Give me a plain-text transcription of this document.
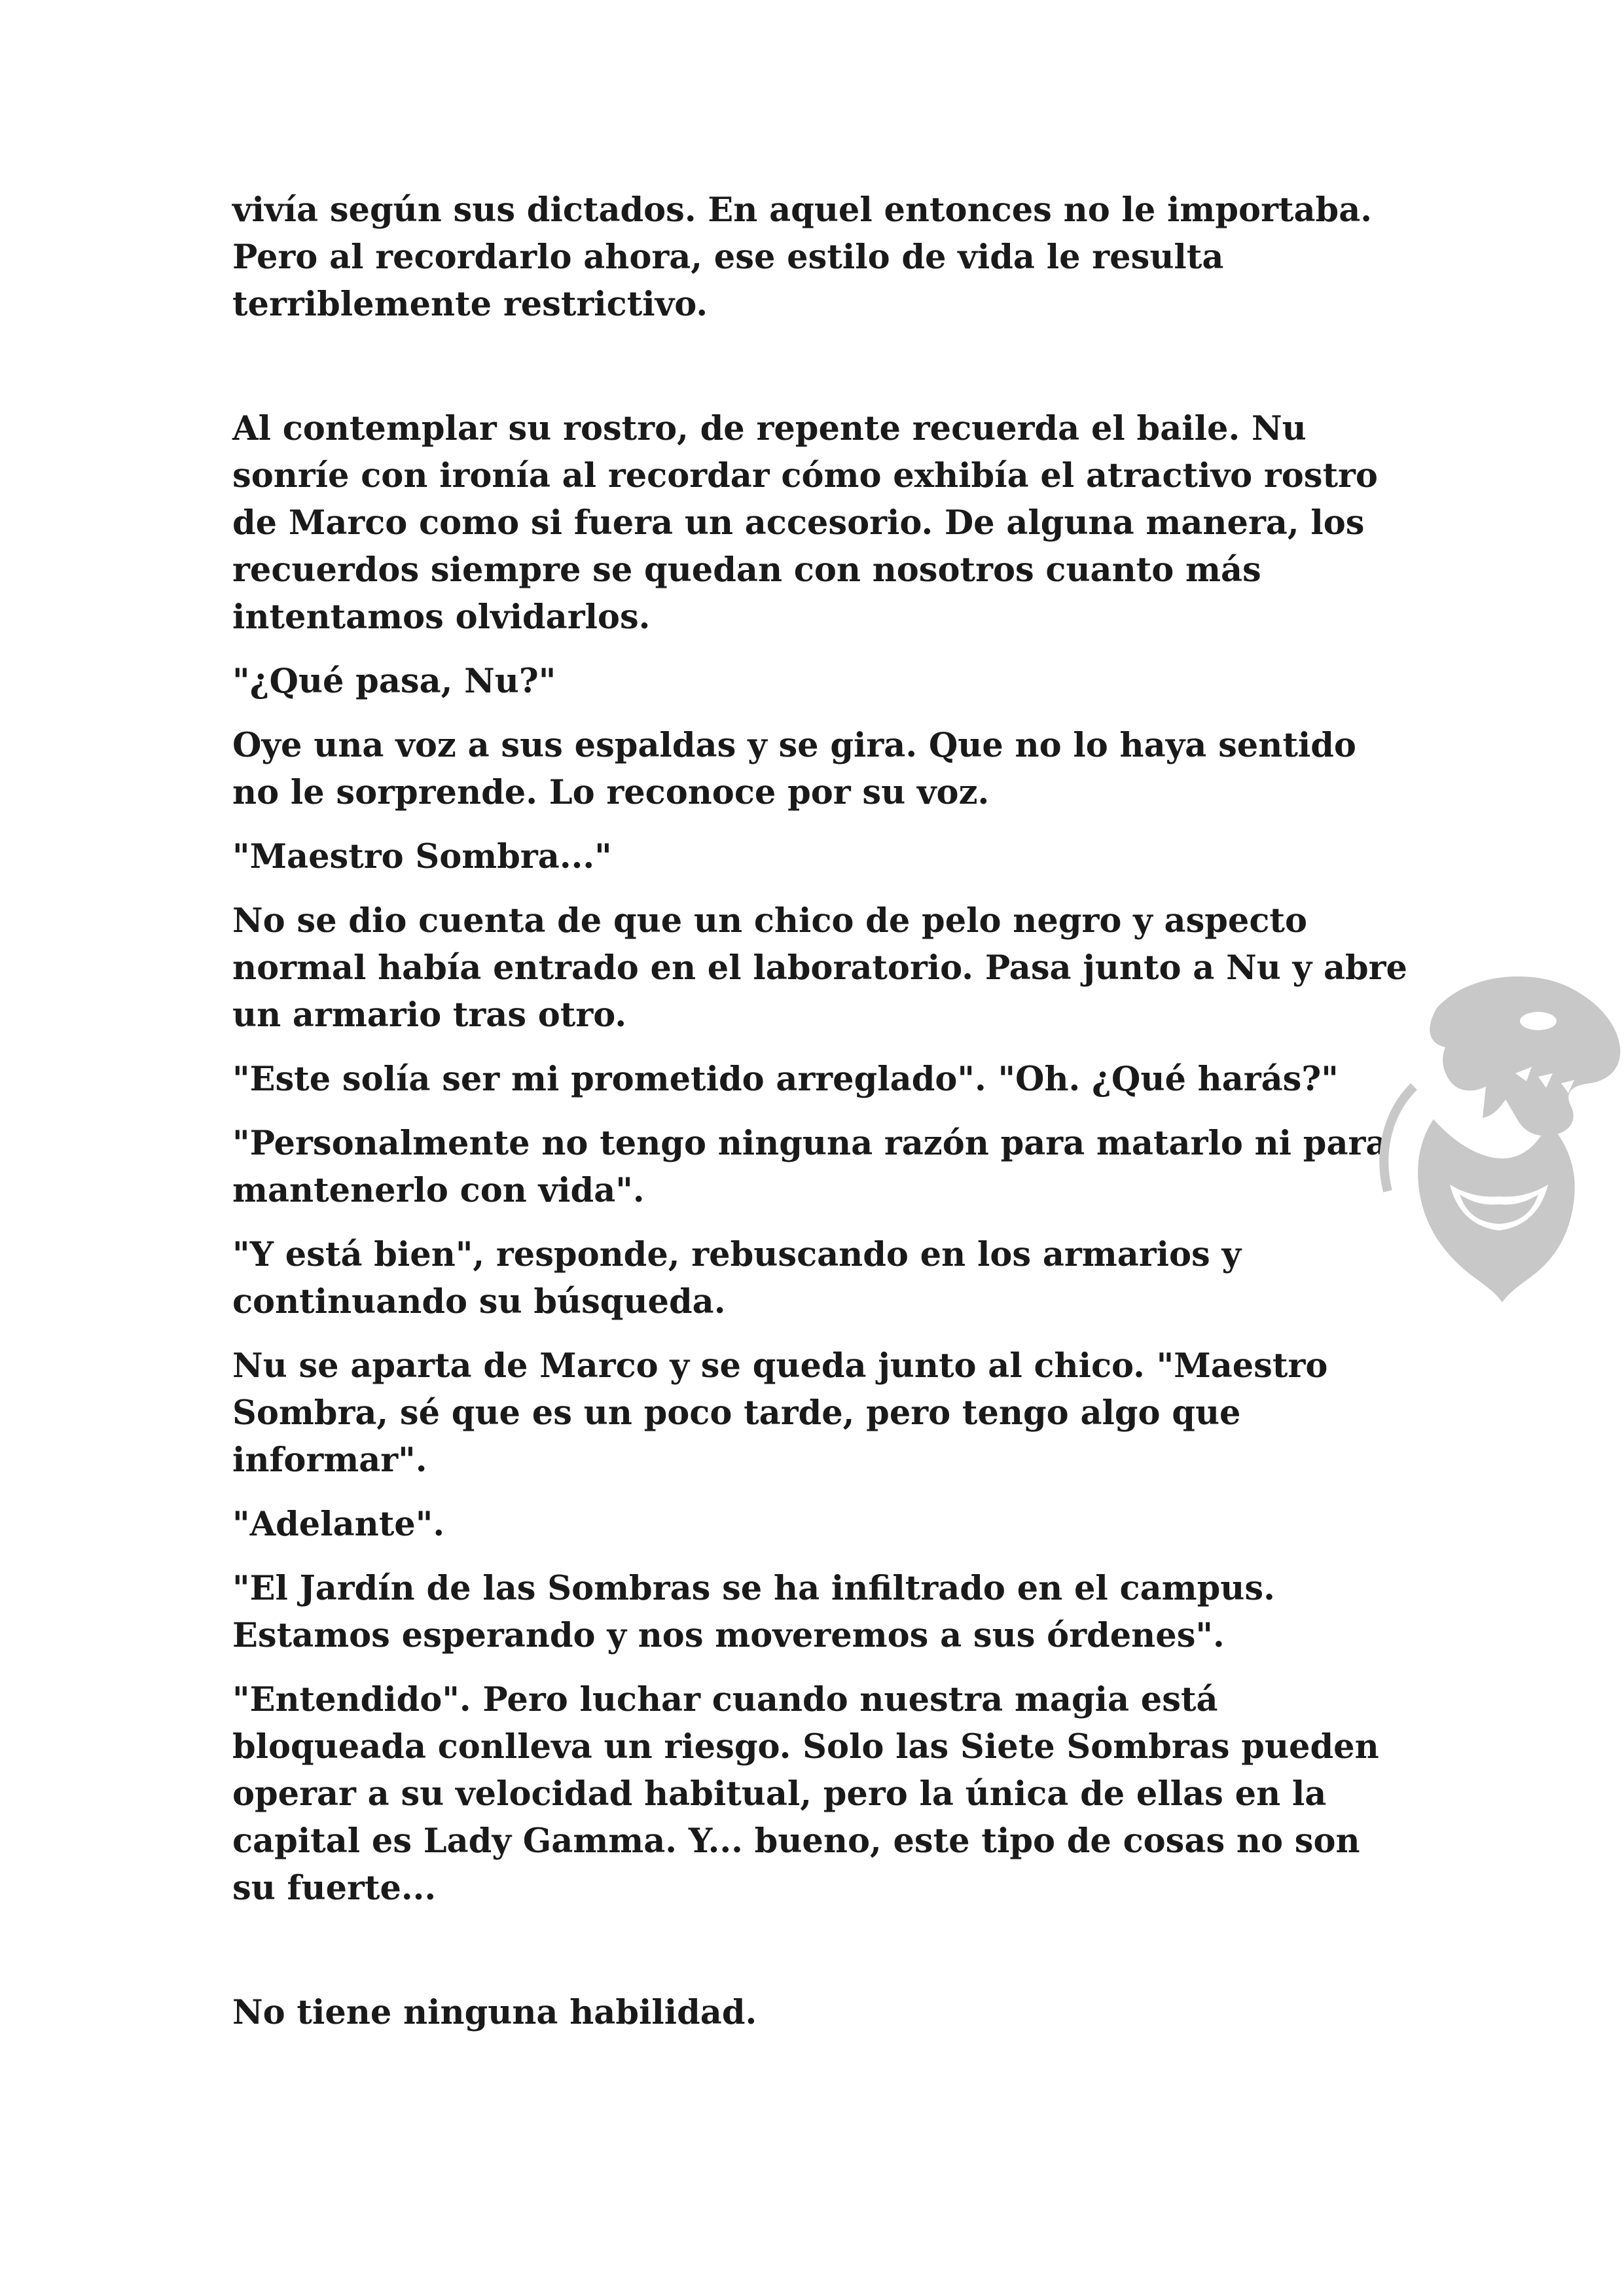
vivía según sus dictados. En aquel entonces no le importaba. Pero al recordarlo ahora, ese estilo de vida le resulta terriblemente restrictivo.

Al contemplar su rostro, de repente recuerda el baile. Nu sonríe con ironía al recordar cómo exhibía el atractivo rostro de Marco como si fuera un accesorio. De alguna manera, los recuerdos siempre se quedan con nosotros cuanto más intentamos olvidarlos.

"¿Qué pasa, Nu?"

Oye una voz a sus espaldas y se gira. Que no lo haya sentido no le sorprende. Lo reconoce por su voz.

"Maestro Sombra..."

No se dio cuenta de que un chico de pelo negro y aspecto normal había entrado en el laboratorio. Pasa junto a Nu y abre un armario tras otro.

"Este solía ser mi prometido arreglado". "Oh. ¿Qué harás?"

"Personalmente no tengo ninguna razón para matarlo ni para mantenerlo con vida".

"Y está bien", responde, rebuscando en los armarios y continuando su búsqueda.

Nu se aparta de Marco y se queda junto al chico. "Maestro Sombra, sé que es un poco tarde, pero tengo algo que informar".

"Adelante".

"El Jardín de las Sombras se ha infiltrado en el campus. Estamos esperando y nos moveremos a sus órdenes".

"Entendido". Pero luchar cuando nuestra magia está bloqueada conlleva un riesgo. Solo las Siete Sombras pueden operar a su velocidad habitual, pero la única de ellas en la capital es Lady Gamma. Y... bueno, este tipo de cosas no son su fuerte...

No tiene ninguna habilidad.
